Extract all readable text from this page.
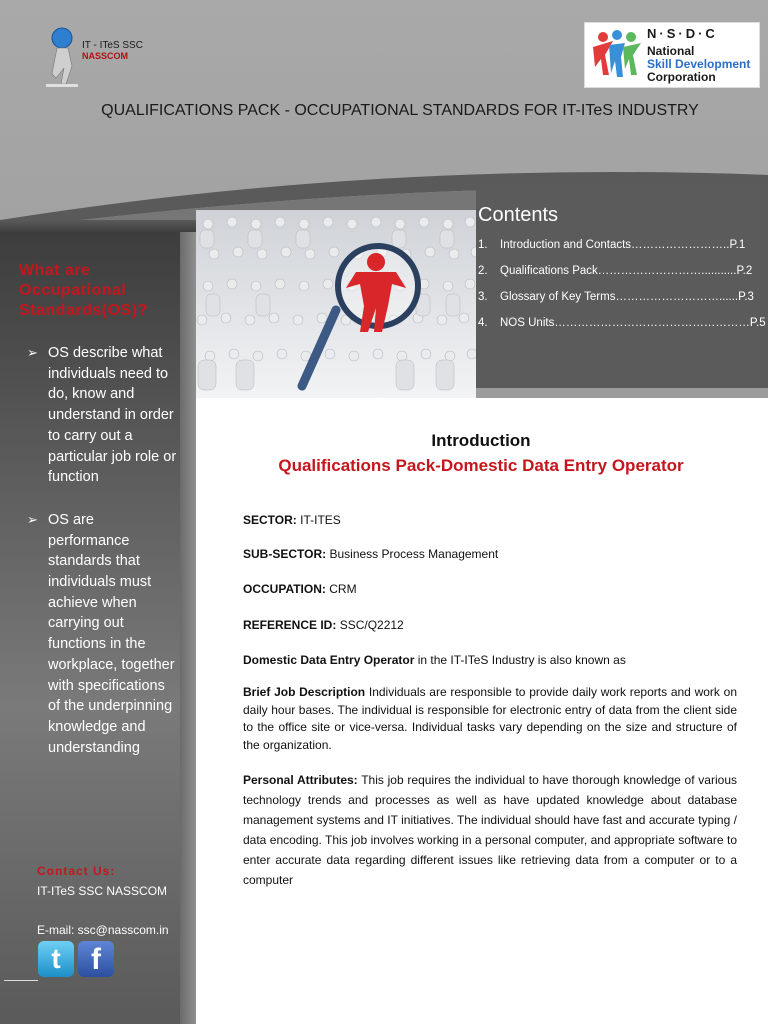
IT - ITeS SSC
NASSCOM
N·S·D·C
National
Skill Development
Corporation
QUALIFICATIONS PACK - OCCUPATIONAL STANDARDS FOR IT-ITeS INDUSTRY
Contents
1. Introduction and Contacts……………………..P.1
2. Qualifications Pack………………………...........P.2
3. Glossary of Key Terms………………………......P.3
4. NOS Units……………………………………………P.5
What are Occupational Standards(OS)?
➢ OS describe what individuals need to do, know and understand in order to carry out a particular job role or function
➢ OS are performance standards that individuals must achieve when carrying out functions in the workplace, together with specifications of the underpinning knowledge and understanding
Contact Us:
IT-ITeS SSC NASSCOM
E-mail: ssc@nasscom.in
t	f
Introduction
Qualifications Pack-Domestic Data Entry Operator
SECTOR: IT-ITES
SUB-SECTOR: Business Process Management
OCCUPATION: CRM
REFERENCE ID: SSC/Q2212
Domestic Data Entry Operator in the IT-ITeS Industry is also known as
Brief Job Description Individuals are responsible to provide daily work reports and work on daily hour bases. The individual is responsible for electronic entry of data from the client side to the office site or vice-versa. Individual tasks vary depending on the size and structure of the organization.
Personal Attributes: This job requires the individual to have thorough knowledge of various technology trends and processes as well as have updated knowledge about database management systems and IT initiatives. The individual should have fast and accurate typing / data encoding. This job involves working in a personal computer, and appropriate software to enter accurate data regarding different issues like retrieving data from a computer or to a computer
